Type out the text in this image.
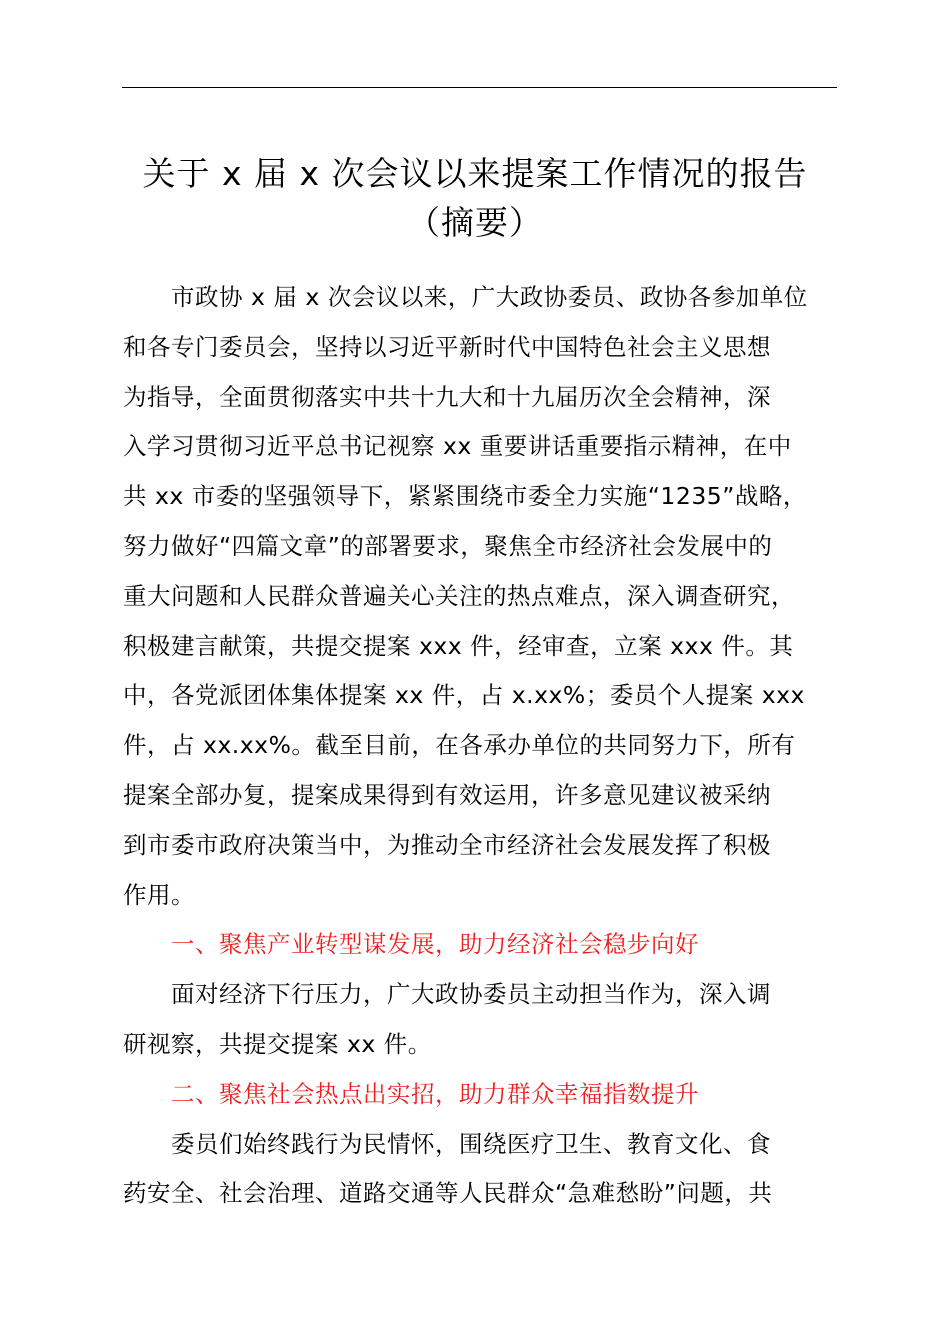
关于 x 届 x 次会议以来提案工作情况的报告
（摘要）
市政协 x 届 x 次会议以来，广大政协委员、政协各参加单位
和各专门委员会，坚持以习近平新时代中国特色社会主义思想
为指导，全面贯彻落实中共十九大和十九届历次全会精神，深
入学习贯彻习近平总书记视察 xx 重要讲话重要指示精神，在中
共 xx 市委的坚强领导下，紧紧围绕市委全力实施“1235”战略，
努力做好“四篇文章”的部署要求，聚焦全市经济社会发展中的
重大问题和人民群众普遍关心关注的热点难点，深入调查研究，
积极建言献策，共提交提案 xxx 件，经审查，立案 xxx 件。其
中，各党派团体集体提案 xx 件，占 x.xx%；委员个人提案 xxx
件，占 xx.xx%。截至目前，在各承办单位的共同努力下，所有
提案全部办复，提案成果得到有效运用，许多意见建议被采纳
到市委市政府决策当中，为推动全市经济社会发展发挥了积极
作用。
一、聚焦产业转型谋发展，助力经济社会稳步向好
面对经济下行压力，广大政协委员主动担当作为，深入调
研视察，共提交提案 xx 件。
二、聚焦社会热点出实招，助力群众幸福指数提升
委员们始终践行为民情怀，围绕医疗卫生、教育文化、食
药安全、社会治理、道路交通等人民群众“急难愁盼”问题，共
